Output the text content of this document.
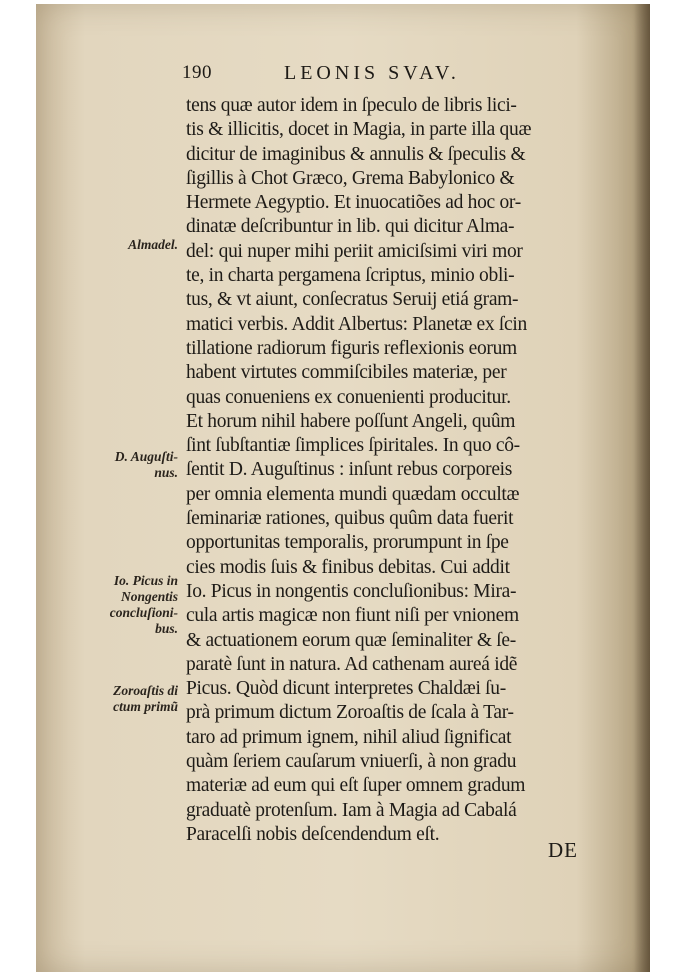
190	LEONIS SVAV.
tens quæ autor idem in ſpeculo de libris lici-
tis & illicitis, docet in Magia, in parte illa quæ
dicitur de imaginibus & annulis & ſpeculis &
ſigillis à Chot Græco, Grema Babylonico &
Hermete Aegyptio. Et inuocatiões ad hoc or-
dinatæ deſcribuntur in lib. qui dicitur Alma-
del: qui nuper mihi periit amiciſsimi viri mor
te, in charta pergamena ſcriptus, minio obli-
tus, & vt aiunt, conſecratus Seruij etiá gram-
matici verbis. Addit Albertus: Planetæ ex ſcin
tillatione radiorum figuris reflexionis eorum
habent virtutes commiſcibiles materiæ, per
quas conueniens ex conuenienti producitur.
Et horum nihil habere poſſunt Angeli, quûm
ſint ſubſtantiæ ſimplices ſpiritales. In quo cô-
ſentit D. Auguſtinus : inſunt rebus corporeis
per omnia elementa mundi quædam occultæ
ſeminariæ rationes, quibus quûm data fuerit
opportunitas temporalis, prorumpunt in ſpe
cies modis ſuis & finibus debitas. Cui addit
Io. Picus in nongentis concluſionibus: Mira-
cula artis magicæ non fiunt niſi per vnionem
& actuationem eorum quæ ſeminaliter & ſe-
paratè ſunt in natura. Ad cathenam aureá idẽ
Picus. Quòd dicunt interpretes Chaldæi ſu-
prà primum dictum Zoroaſtis de ſcala à Tar-
taro ad primum ignem, nihil aliud ſignificat
quàm ſeriem cauſarum vniuerſi, à non gradu
materiæ ad eum qui eſt ſuper omnem gradum
graduatè protenſum. Iam à Magia ad Cabalá
Paracelſi nobis deſcendendum eſt.
Almadel.
D. Auguſti-
nus.
Io. Picus in
Nongentis
concluſioni-
bus.
Zoroaſtis di
ctum primũ
DE
